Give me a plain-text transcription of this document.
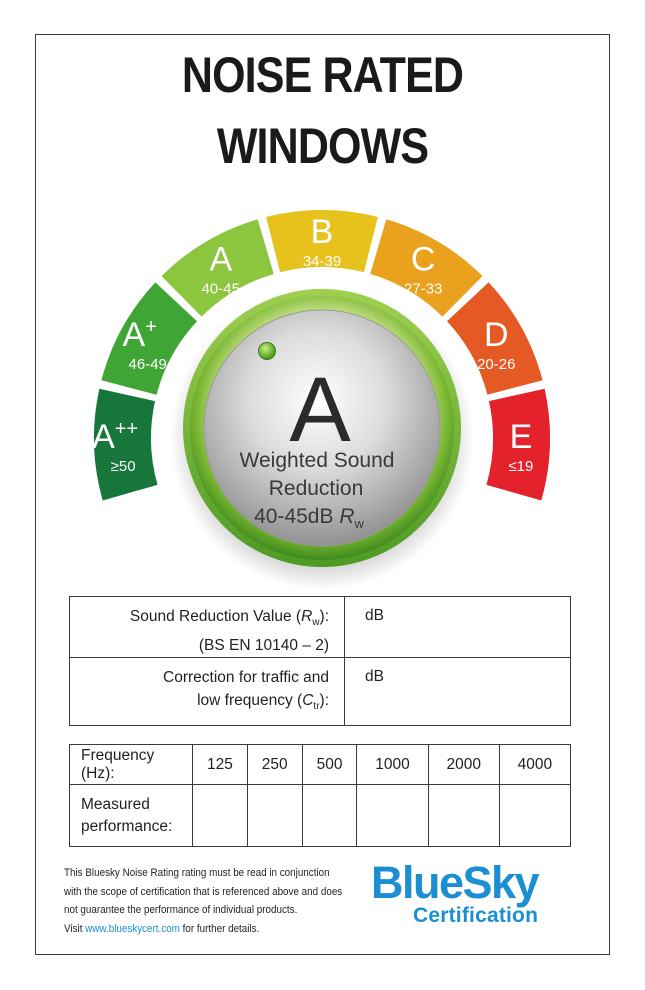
NOISE RATED
WINDOWS
A++
≥50
A+
46-49
A
40-45
B
34-39 C
27-33
D
20-26
E
≤19
A
Weighted Sound
Reduction
40-45dB $R_w$
Sound Reduction Value $(R_w)$:
(BS EN 10140 – 2)	dB
Correction for traffic and
low frequency $(C_{tr})$:	dB
Frequency (Hz):	125	250	500	1000	2000	4000
Measured
performance:						
This Bluesky Noise Rating rating must be read in conjunction
with the scope of certification that is referenced above and does
not guarantee the performance of individual products.
Visit www.blueskycert.com for further details.
BlueSky
Certification
